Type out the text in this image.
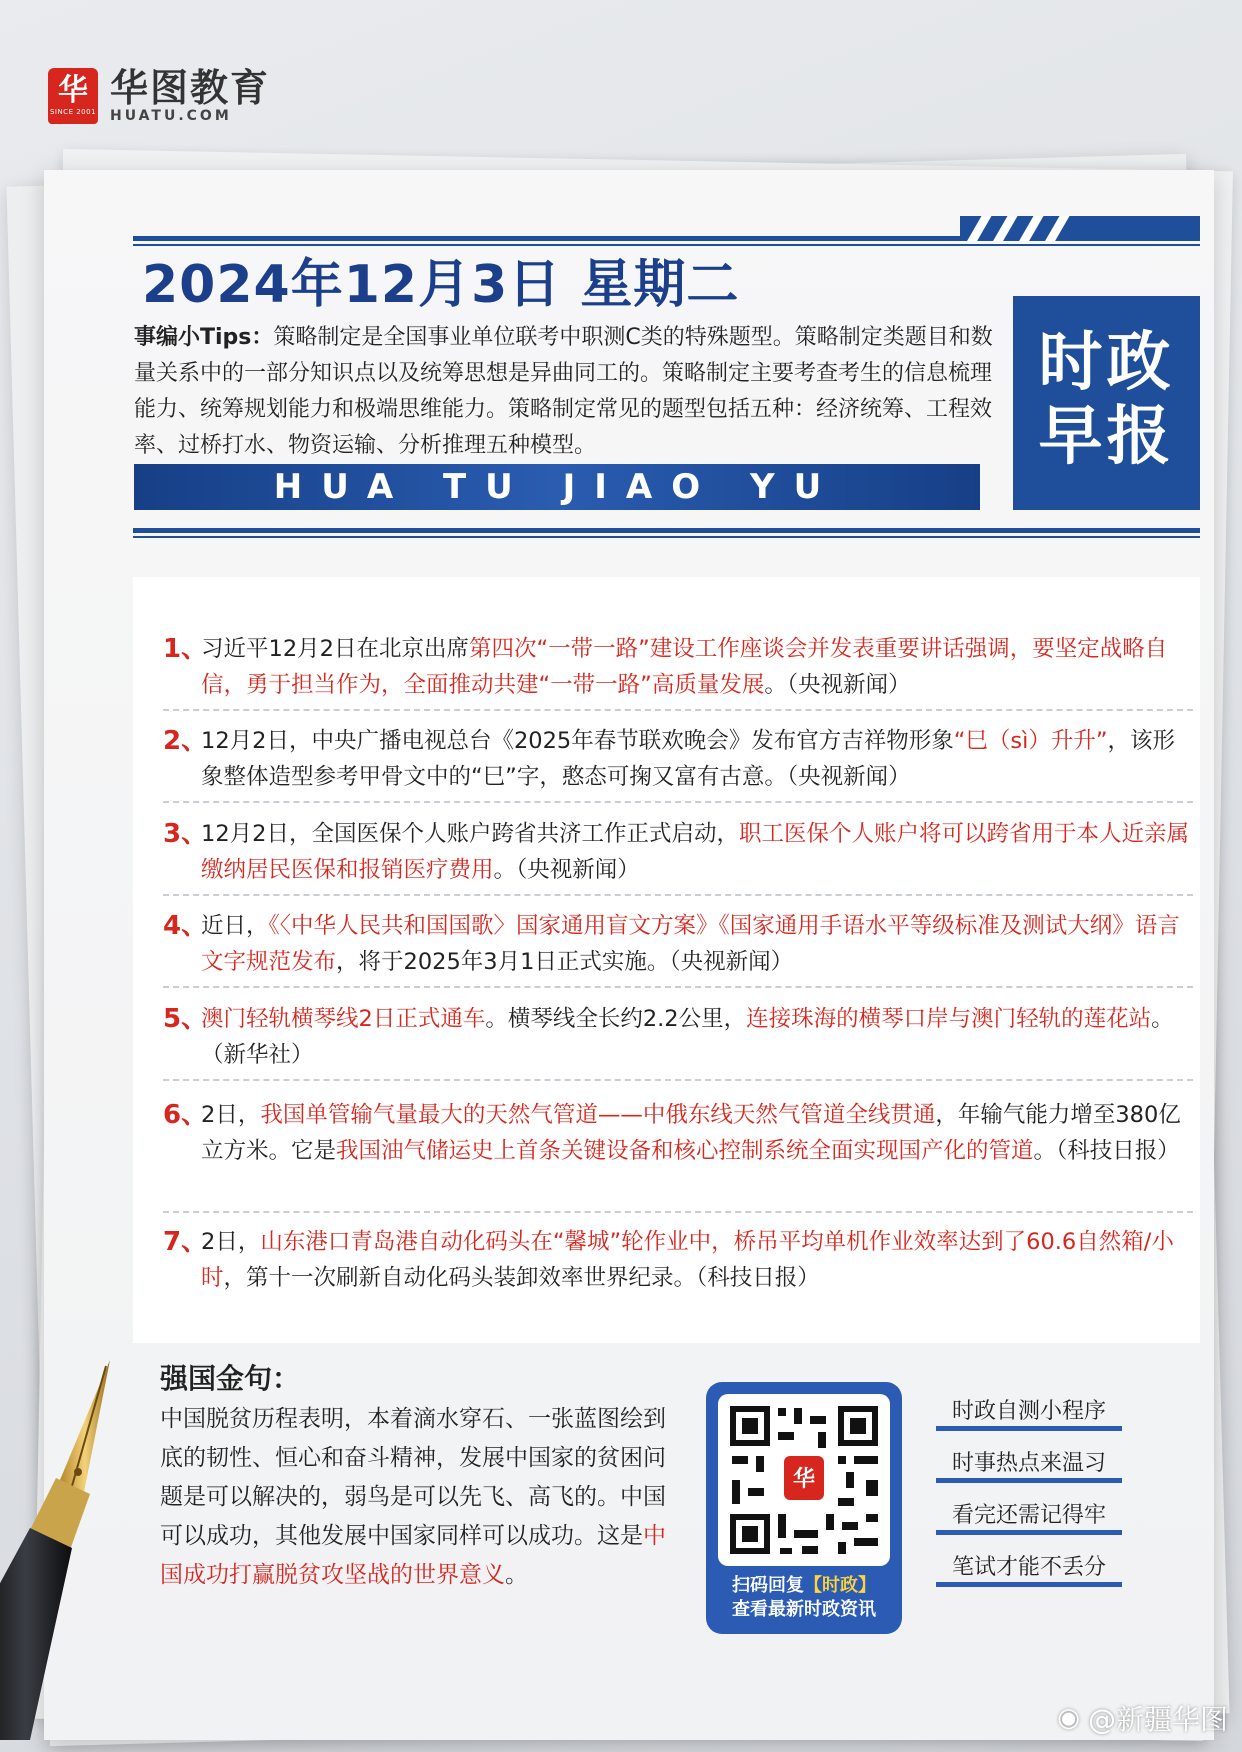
华
SINCE 2001
华图教育
HUATU.COM
2024年12月3日 星期二
事编小Tips：策略制定是全国事业单位联考中职测C类的特殊题型。策略制定类题目和数量关系中的一部分知识点以及统筹思想是异曲同工的。策略制定主要考查考生的信息梳理能力、统筹规划能力和极端思维能力。策略制定常见的题型包括五种：经济统筹、工程效率、过桥打水、物资运输、分析推理五种模型。
HUA TU JIAO YU
时政
早报
1、
习近平12月2日在北京出席第四次“一带一路”建设工作座谈会并发表重要讲话强调，要坚定战略自信，勇于担当作为，全面推动共建“一带一路”高质量发展。（央视新闻）
2、
12月2日，中央广播电视总台《2025年春节联欢晚会》发布官方吉祥物形象“巳（sì）升升”，该形象整体造型参考甲骨文中的“巳”字，憨态可掬又富有古意。（央视新闻）
3、
12月2日，全国医保个人账户跨省共济工作正式启动，职工医保个人账户将可以跨省用于本人近亲属缴纳居民医保和报销医疗费用。（央视新闻）
4、
近日，《〈中华人民共和国国歌〉国家通用盲文方案》《国家通用手语水平等级标准及测试大纲》语言文字规范发布，将于2025年3月1日正式实施。（央视新闻）
5、
澳门轻轨横琴线2日正式通车。横琴线全长约2.2公里，连接珠海的横琴口岸与澳门轻轨的莲花站。（新华社）
6、
2日，我国单管输气量最大的天然气管道——中俄东线天然气管道全线贯通，年输气能力增至380亿立方米。它是我国油气储运史上首条关键设备和核心控制系统全面实现国产化的管道。（科技日报）
7、
2日，山东港口青岛港自动化码头在“馨城”轮作业中，桥吊平均单机作业效率达到了60.6自然箱/小时，第十一次刷新自动化码头装卸效率世界纪录。（科技日报）
强国金句：
中国脱贫历程表明，本着滴水穿石、一张蓝图绘到底的韧性、恒心和奋斗精神，发展中国家的贫困问题是可以解决的，弱鸟是可以先飞、高飞的。中国可以成功，其他发展中国家同样可以成功。这是中国成功打赢脱贫攻坚战的世界意义。
华
扫码回复【时政】
查看最新时政资讯
时政自测小程序
时事热点来温习
看完还需记得牢
笔试才能不丢分
◉ @新疆华图
